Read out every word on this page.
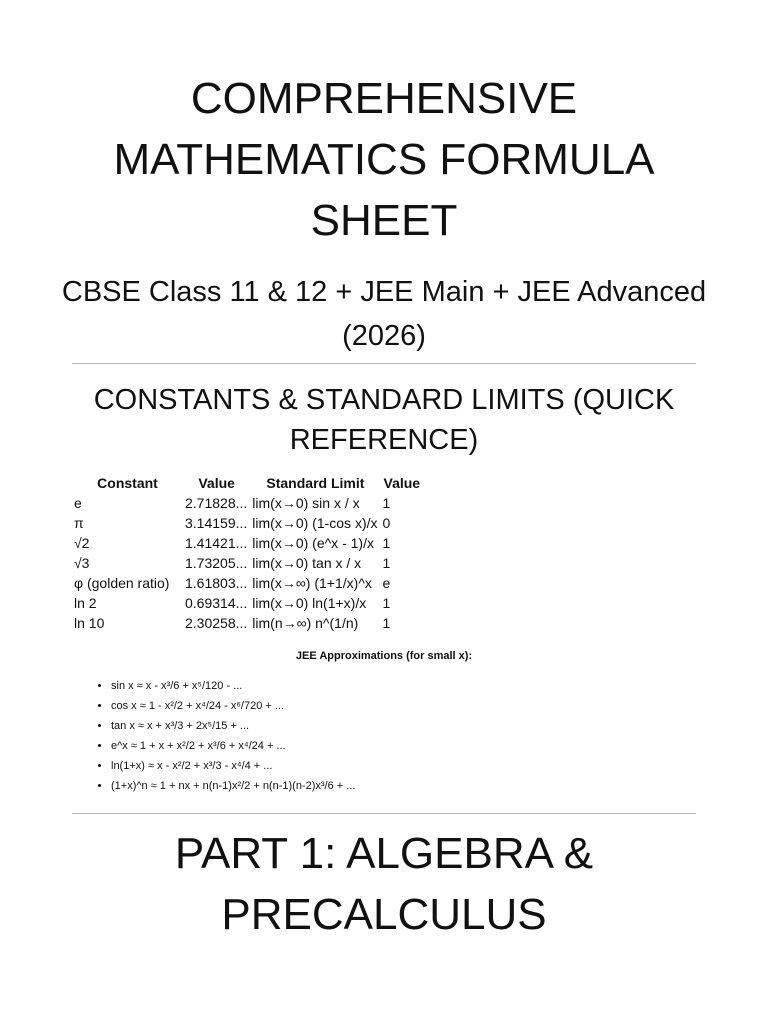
COMPREHENSIVE MATHEMATICS FORMULA SHEET

CBSE Class 11 & 12 + JEE Main + JEE Advanced (2026)

CONSTANTS & STANDARD LIMITS (QUICK REFERENCE)
Constant	Value	Standard Limit	Value
e	2.71828...	lim(x→0) sin x / x	1
π	3.14159...	lim(x→0) (1-cos x)/x	0
√2	1.41421...	lim(x→0) (e^x - 1)/x	1
√3	1.73205...	lim(x→0) tan x / x	1
φ (golden ratio)	1.61803...	lim(x→∞) (1+1/x)^x	e
ln 2	0.69314...	lim(x→0) ln(1+x)/x	1
ln 10	2.30258...	lim(n→∞) n^(1/n)	1

JEE Approximations (for small x):

• sin x ≈ x - x³/6 + x⁵/120 - ...
• cos x ≈ 1 - x²/2 + x⁴/24 - x⁶/720 + ...
• tan x ≈ x + x³/3 + 2x⁵/15 + ...
• e^x ≈ 1 + x + x²/2 + x³/6 + x⁴/24 + ...
• ln(1+x) ≈ x - x²/2 + x³/3 - x⁴/4 + ...
• (1+x)^n ≈ 1 + nx + n(n-1)x²/2 + n(n-1)(n-2)x³/6 + ...
PART 1: ALGEBRA & PRECALCULUS
